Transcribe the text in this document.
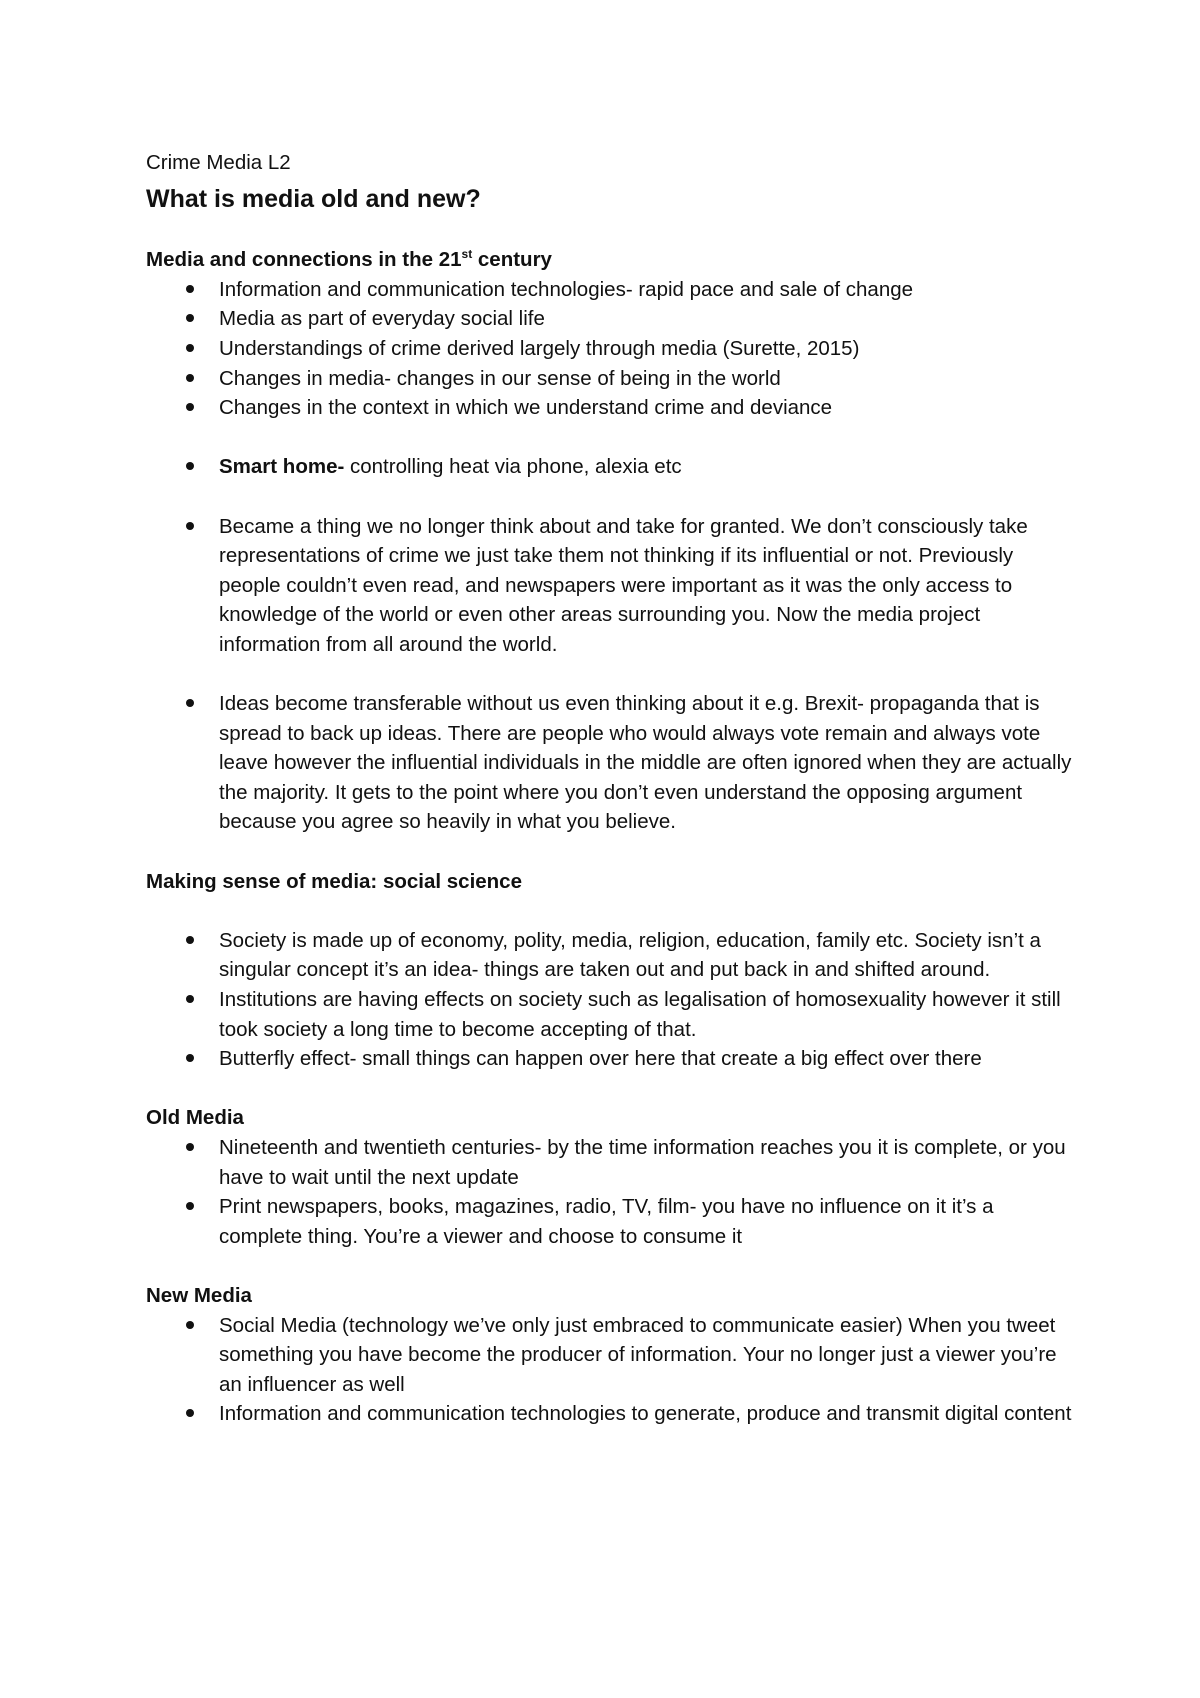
Crime Media L2

What is media old and new?

Media and connections in the 21st century

Information and communication technologies- rapid pace and sale of change
Media as part of everyday social life
Understandings of crime derived largely through media (Surette, 2015)
Changes in media- changes in our sense of being in the world
Changes in the context in which we understand crime and deviance
Smart home- controlling heat via phone, alexia etc
Became a thing we no longer think about and take for granted. We don’t consciously take representations of crime we just take them not thinking if its influential or not. Previously people couldn’t even read, and newspapers were important as it was the only access to knowledge of the world or even other areas surrounding you. Now the media project information from all around the world.
Ideas become transferable without us even thinking about it e.g. Brexit- propaganda that is spread to back up ideas. There are people who would always vote remain and always vote leave however the influential individuals in the middle are often ignored when they are actually the majority. It gets to the point where you don’t even understand the opposing argument because you agree so heavily in what you believe.

Making sense of media: social science

Society is made up of economy, polity, media, religion, education, family etc. Society isn’t a singular concept it’s an idea- things are taken out and put back in and shifted around.
Institutions are having effects on society such as legalisation of homosexuality however it still took society a long time to become accepting of that.
Butterfly effect- small things can happen over here that create a big effect over there

Old Media

Nineteenth and twentieth centuries- by the time information reaches you it is complete, or you have to wait until the next update
Print newspapers, books, magazines, radio, TV, film- you have no influence on it it’s a complete thing. You’re a viewer and choose to consume it

New Media

Social Media (technology we’ve only just embraced to communicate easier) When you tweet something you have become the producer of information. Your no longer just a viewer you’re an influencer as well
Information and communication technologies to generate, produce and transmit digital content
